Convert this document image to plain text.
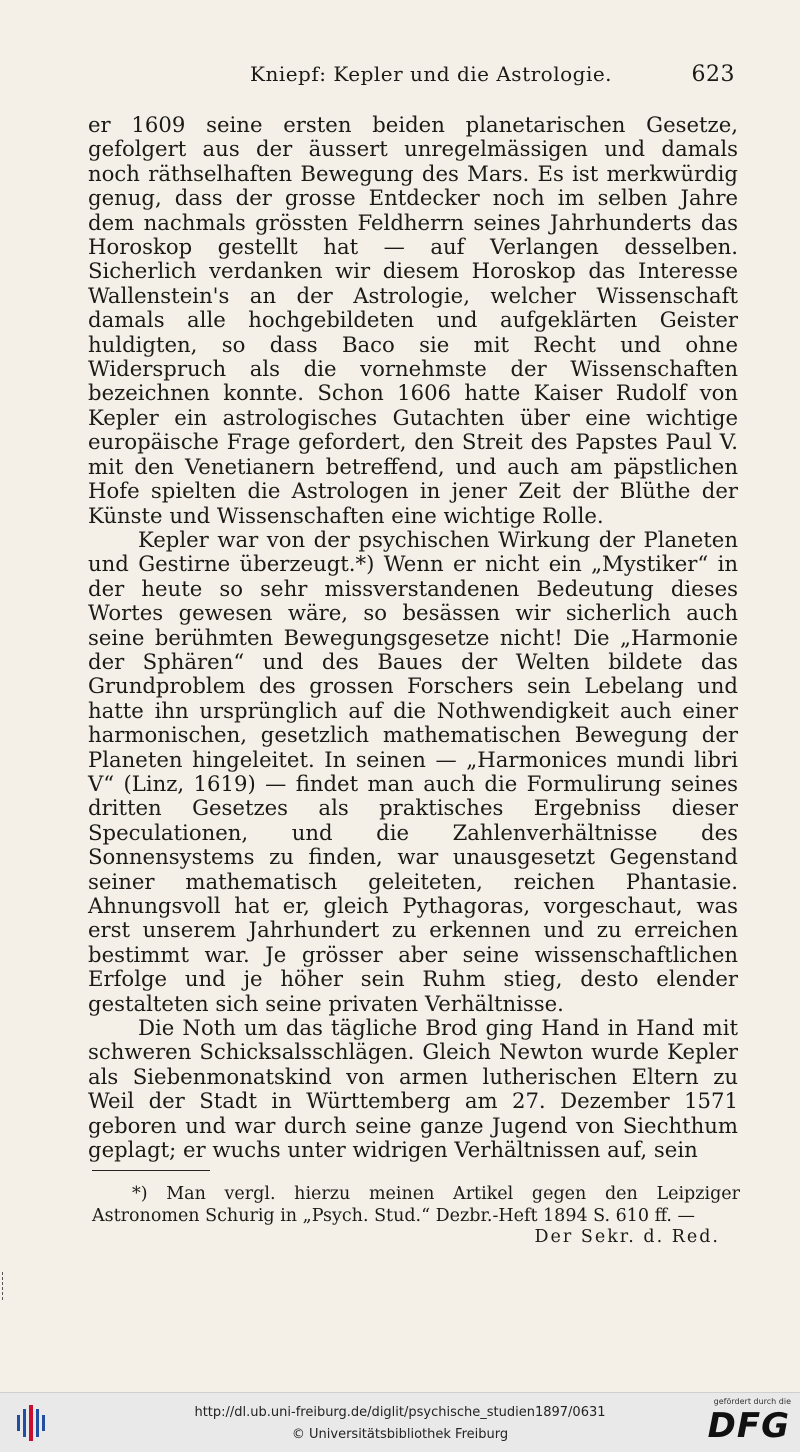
Kniepf: Kepler und die Astrologie.	623

er 1609 seine ersten beiden planetarischen Gesetze, gefolgert aus der äussert unregelmässigen und damals noch räthselhaften Bewegung des Mars. Es ist merkwürdig genug, dass der grosse Entdecker noch im selben Jahre dem nachmals grössten Feldherrn seines Jahrhunderts das Horoskop gestellt hat — auf Verlangen desselben. Sicherlich verdanken wir diesem Horoskop das Interesse Wallenstein's an der Astrologie, welcher Wissenschaft damals alle hochgebildeten und aufgeklärten Geister huldigten, so dass Baco sie mit Recht und ohne Widerspruch als die vornehmste der Wissenschaften bezeichnen konnte. Schon 1606 hatte Kaiser Rudolf von Kepler ein astrologisches Gutachten über eine wichtige europäische Frage gefordert, den Streit des Papstes Paul V. mit den Venetianern betreffend, und auch am päpstlichen Hofe spielten die Astrologen in jener Zeit der Blüthe der Künste und Wissenschaften eine wichtige Rolle.

Kepler war von der psychischen Wirkung der Planeten und Gestirne überzeugt.*) Wenn er nicht ein „Mystiker“ in der heute so sehr missverstandenen Bedeutung dieses Wortes gewesen wäre, so besässen wir sicherlich auch seine berühmten Bewegungsgesetze nicht! Die „Harmonie der Sphären“ und des Baues der Welten bildete das Grundproblem des grossen Forschers sein Lebelang und hatte ihn ursprünglich auf die Nothwendigkeit auch einer harmonischen, gesetzlich mathematischen Bewegung der Planeten hingeleitet. In seinen — „Harmonices mundi libri V“ (Linz, 1619) — findet man auch die Formulirung seines dritten Gesetzes als praktisches Ergebniss dieser Speculationen, und die Zahlenverhältnisse des Sonnensystems zu finden, war unausgesetzt Gegenstand seiner mathematisch geleiteten, reichen Phantasie. Ahnungsvoll hat er, gleich Pythagoras, vorgeschaut, was erst unserem Jahrhundert zu erkennen und zu erreichen bestimmt war. Je grösser aber seine wissenschaftlichen Erfolge und je höher sein Ruhm stieg, desto elender gestalteten sich seine privaten Verhältnisse.

Die Noth um das tägliche Brod ging Hand in Hand mit schweren Schicksalsschlägen. Gleich Newton wurde Kepler als Siebenmonatskind von armen lutherischen Eltern zu Weil der Stadt in Württemberg am 27. Dezember 1571 geboren und war durch seine ganze Jugend von Siechthum geplagt; er wuchs unter widrigen Verhältnissen auf, sein

*) Man vergl. hierzu meinen Artikel gegen den Leipziger Astronomen Schurig in „Psych. Stud.“ Dezbr.-Heft 1894 S. 610 ff. —

Der Sekr. d. Red.

http://dl.ub.uni-freiburg.de/diglit/psychische_studien1897/0631
© Universitätsbibliothek Freiburg
gefördert durch die
DFG
